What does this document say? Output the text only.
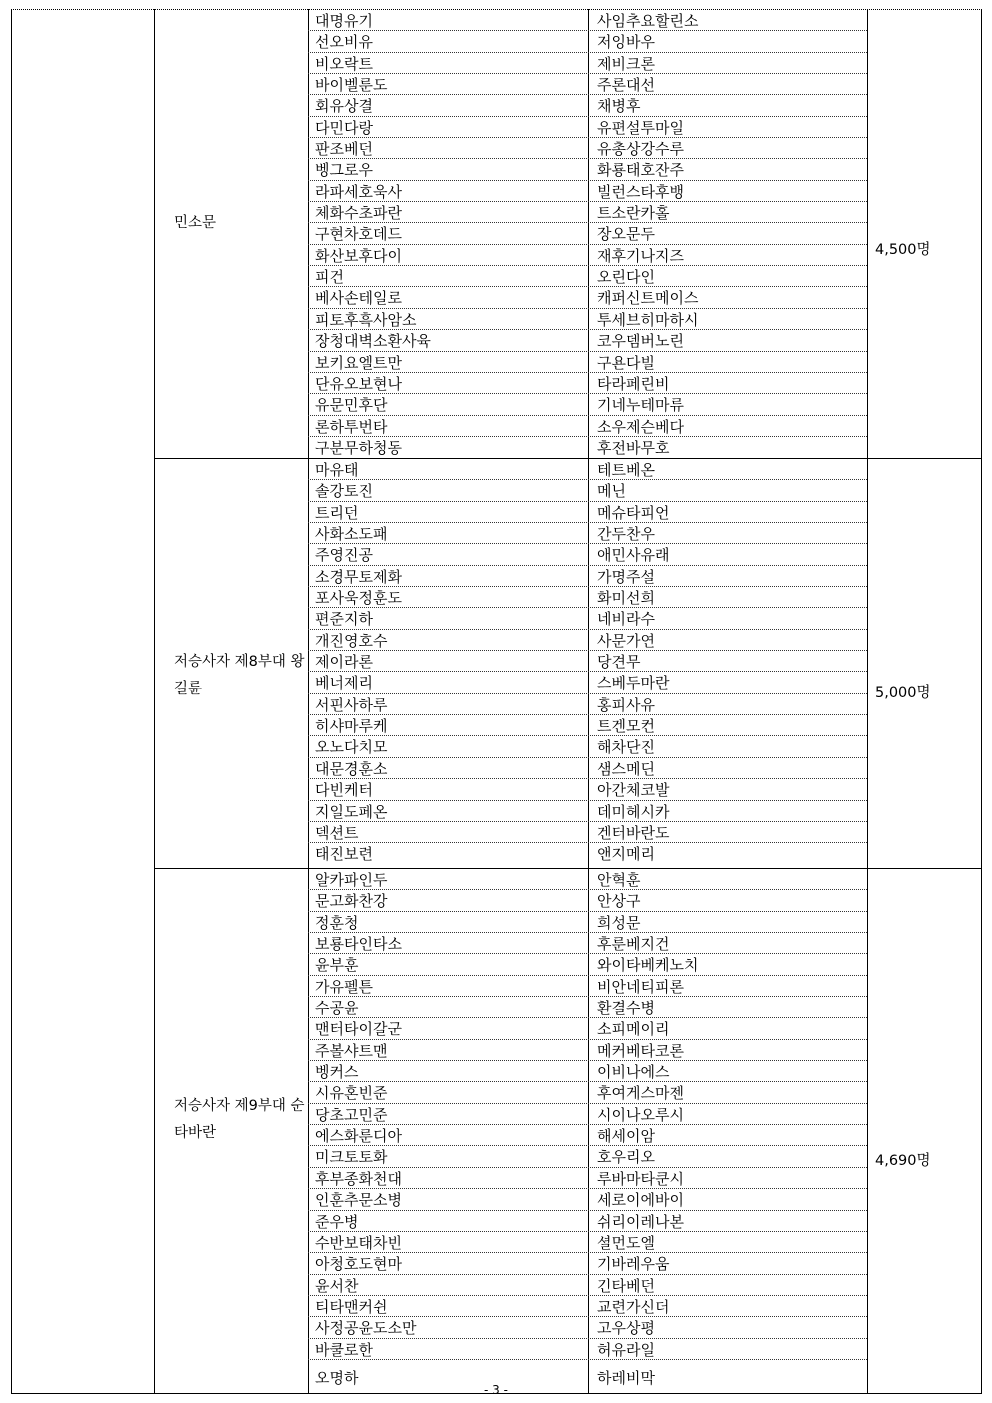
민소문
대명유기	사임추요할린소
선오비유	저잉바우
비오락트	제비크론
바이벨룬도	주론대선
회유상결	채병후
다민다랑	유편설투마일
판조베던	유총상강수루
벵그로우	화룡태호잔주
라파세호욱사	빌런스타후뱅
체화수초파란	트소란카홀
구현차호데드	장오문두
화산보후다이	재후기나지즈
피건	오린다인
베사손테일로	캐퍼신트메이스
피토후흑사암소	투세브히마하시
장청대벽소환사육	코우뎀버노린
보키요엘트만	구욘다빌
단유오보현나	타라페린비
유문민후단	기네누테마류
론하투번타	소우제슨베다
구분무하청동	후전바무호
4,500명
저승사자 제8부대 왕길륜
마유태	테트베온
솔강토진	메닌
트리던	메슈타피언
사화소도패	간두찬우
주영진공	애민사유래
소경무토제화	가명주설
포사욱정훈도	화미선희
편준지하	네비라수
개진영호수	사문가연
제이라론	당견무
베너제리	스베두마란
서핀사하루	홍피사유
히샤마루케	트겐모컨
오노다치모	해차단진
대문경훈소	샘스메딘
다빈케터	아간체코발
지일도페온	데미헤시카
덱션트	겐터바란도
태진보련	앤지메리
5,000명
저승사자 제9부대 순타바란
알카파인두	안혁훈
문고화찬강	안상구
정훈청	희성문
보룡타인타소	후룬베지건
윤부훈	와이타베케노치
가유펠튼	비안네티피론
수공윤	환결수병
맨터타이갈군	소피메이리
주볼샤트맨	메커베타코론
벵커스	이비나에스
시유혼빈준	후여게스마젠
당초고민준	시이나오루시
에스화룬디아	해세이암
미크토토화	호우리오
후부종화천대	루바마타쿤시
인훈추문소병	세로이에바이
준우병	쉬리이레나본
수반보태차빈	셜먼도엘
아청호도현마	기바레우움
윤서찬	긴타베던
티타맨커쉰	교련가신더
사정공윤도소만	고우상평
바쿨로한	허유라일
오명하	하레비막
4,690명
- 3 -
